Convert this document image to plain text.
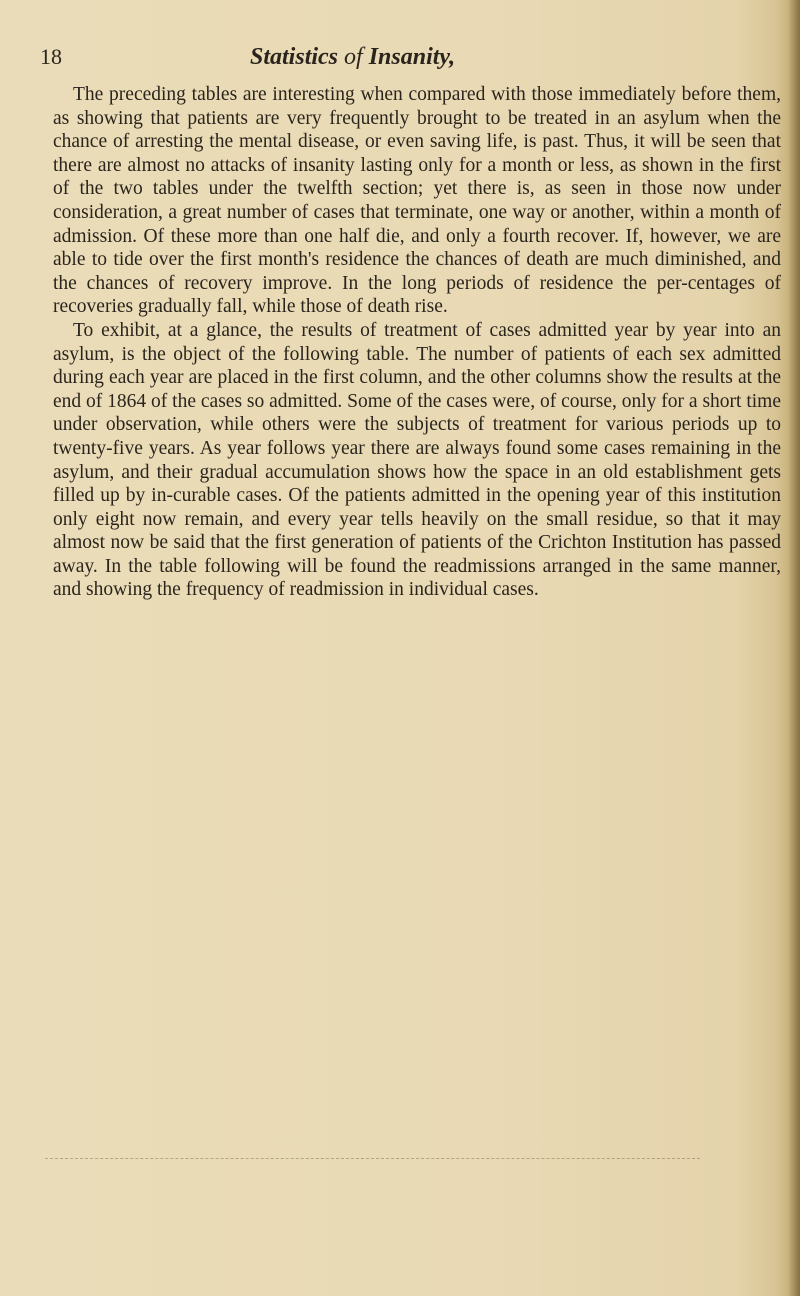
18	Statistics of Insanity,

The preceding tables are interesting when compared with those immediately before them, as showing that patients are very frequently brought to be treated in an asylum when the chance of arresting the mental disease, or even saving life, is past. Thus, it will be seen that there are almost no attacks of insanity lasting only for a month or less, as shown in the first of the two tables under the twelfth section; yet there is, as seen in those now under consideration, a great number of cases that terminate, one way or another, within a month of admission. Of these more than one half die, and only a fourth recover. If, however, we are able to tide over the first month's residence the chances of death are much diminished, and the chances of recovery improve. In the long periods of residence the per-centages of recoveries gradually fall, while those of death rise.

To exhibit, at a glance, the results of treatment of cases admitted year by year into an asylum, is the object of the following table. The number of patients of each sex admitted during each year are placed in the first column, and the other columns show the results at the end of 1864 of the cases so admitted. Some of the cases were, of course, only for a short time under observation, while others were the subjects of treatment for various periods up to twenty-five years. As year follows year there are always found some cases remaining in the asylum, and their gradual accumulation shows how the space in an old establishment gets filled up by in-curable cases. Of the patients admitted in the opening year of this institution only eight now remain, and every year tells heavily on the small residue, so that it may almost now be said that the first generation of patients of the Crichton Institution has passed away. In the table following will be found the readmissions arranged in the same manner, and showing the frequency of readmission in individual cases.
